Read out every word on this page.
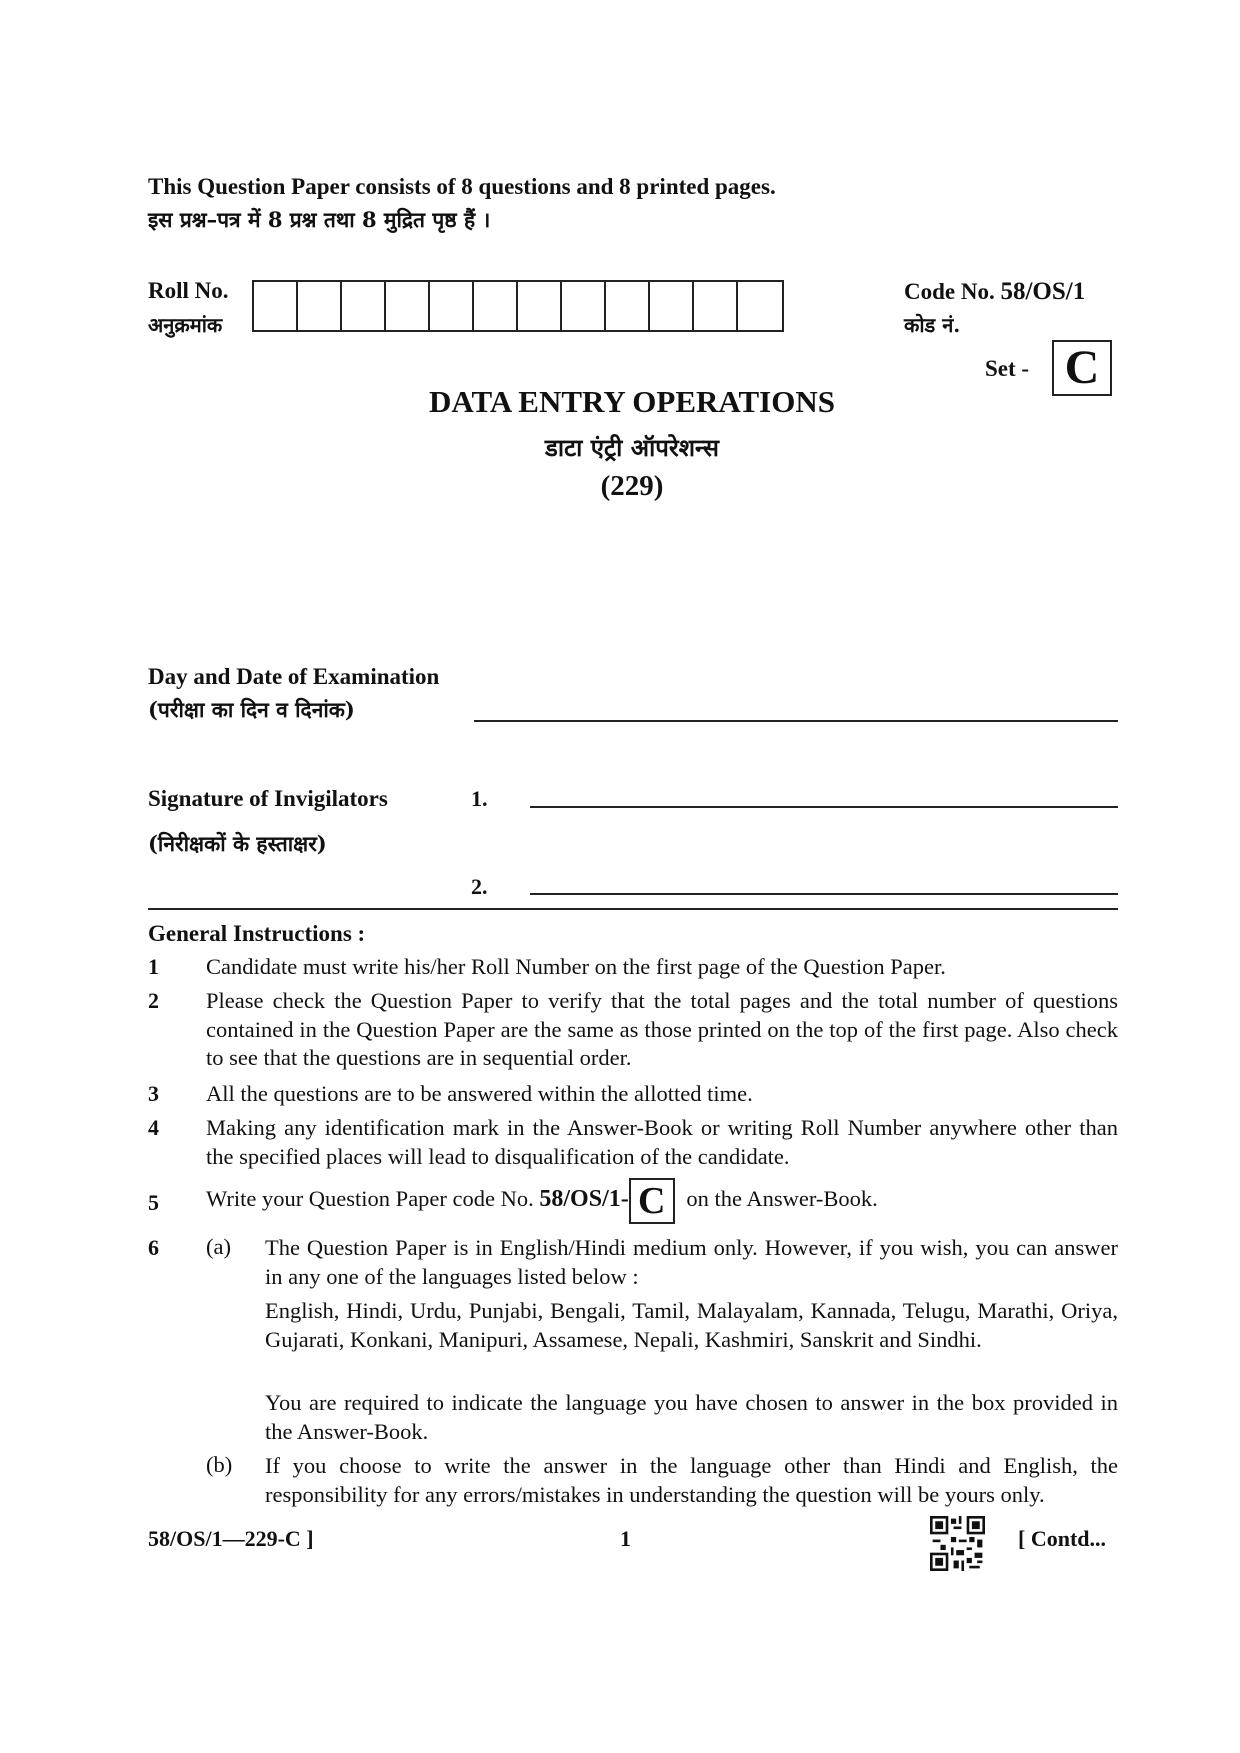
This Question Paper consists of 8 questions and 8 printed pages.
इस प्रश्न–पत्र में 8 प्रश्न तथा 8 मुद्रित पृष्ठ हैं ।
Roll No.
अनुक्रमांक
Code No. 58/OS/1
कोड नं.
Set - C
DATA ENTRY OPERATIONS
डाटा एंट्री ऑपरेशन्स
(229)
Day and Date of Examination
(परीक्षा का दिन व दिनांक)
Signature of Invigilators
(निरीक्षकों के हस्ताक्षर)
1.
2.
General Instructions :
1 Candidate must write his/her Roll Number on the first page of the Question Paper.
2 Please check the Question Paper to verify that the total pages and the total number of questions contained in the Question Paper are the same as those printed on the top of the first page. Also check to see that the questions are in sequential order.
3 All the questions are to be answered within the allotted time.
4 Making any identification mark in the Answer-Book or writing Roll Number anywhere other than the specified places will lead to disqualification of the candidate.
5 Write your Question Paper code No. 58/OS/1- C on the Answer-Book.
6 (a) The Question Paper is in English/Hindi medium only. However, if you wish, you can answer in any one of the languages listed below :
English, Hindi, Urdu, Punjabi, Bengali, Tamil, Malayalam, Kannada, Telugu, Marathi, Oriya, Gujarati, Konkani, Manipuri, Assamese, Nepali, Kashmiri, Sanskrit and Sindhi.
You are required to indicate the language you have chosen to answer in the box provided in the Answer-Book.
(b) If you choose to write the answer in the language other than Hindi and English, the responsibility for any errors/mistakes in understanding the question will be yours only.
58/OS/1—229-C ]	1	[ Contd...
